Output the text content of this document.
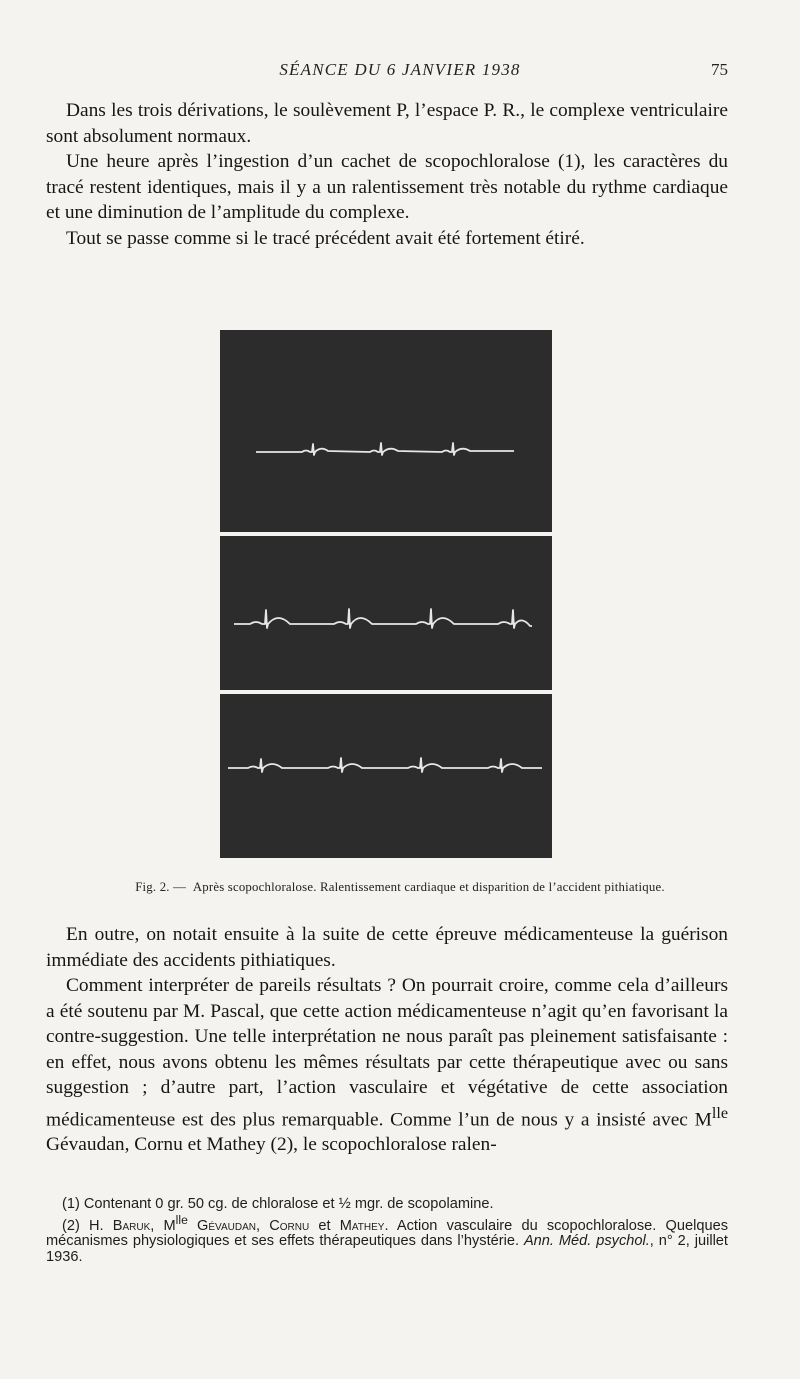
SÉANCE DU 6 JANVIER 1938	75

Dans les trois dérivations, le soulèvement P, l’espace P. R., le complexe ventriculaire sont absolument normaux.

Une heure après l’ingestion d’un cachet de scopochloralose (1), les caractères du tracé restent identiques, mais il y a un ralentissement très notable du rythme cardiaque et une diminution de l’amplitude du complexe.

Tout se passe comme si le tracé précédent avait été fortement étiré.

Fig. 2. — Après scopochloralose. Ralentissement cardiaque et disparition de l’accident pithiatique.

En outre, on notait ensuite à la suite de cette épreuve médicamenteuse la guérison immédiate des accidents pithiatiques.

Comment interpréter de pareils résultats ? On pourrait croire, comme cela d’ailleurs a été soutenu par M. Pascal, que cette action médicamenteuse n’agit qu’en favorisant la contre-suggestion. Une telle interprétation ne nous paraît pas pleinement satisfaisante : en effet, nous avons obtenu les mêmes résultats par cette thérapeutique avec ou sans suggestion ; d’autre part, l’action vasculaire et végétative de cette association médicamenteuse est des plus remarquable. Comme l’un de nous y a insisté avec $M^{lle}$ Gévaudan, Cornu et Mathey (2), le scopochloralose ralen-

(1) Contenant 0 gr. 50 cg. de chloralose et ½ mgr. de scopolamine.

(2) H. Baruk, $M^{lle}$ Gévaudan, Cornu et Mathey. Action vasculaire du scopochloralose. Quelques mécanismes physiologiques et ses effets thérapeutiques dans l’hystérie. Ann. Méd. psychol., n° 2, juillet 1936.
